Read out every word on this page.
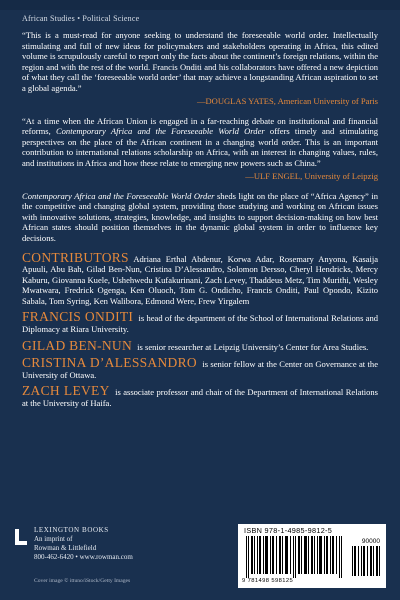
African Studies • Political Science

“This is a must-read for anyone seeking to understand the foreseeable world order. Intellectually stimulating and full of new ideas for policymakers and stakeholders operating in Africa, this edited volume is scrupulously careful to report only the facts about the continent’s foreign relations, within the region and with the rest of the world. Francis Onditi and his collaborators have offered a new depiction of what they call the ‘foreseeable world order’ that may achieve a longstanding African aspiration to set a global agenda.”

—DOUGLAS YATES, American University of Paris

“At a time when the African Union is engaged in a far-reaching debate on institutional and financial reforms, Contemporary Africa and the Foreseeable World Order offers timely and stimulating perspectives on the place of the African continent in a changing world order. This is an important contribution to international relations scholarship on Africa, with an interest in changing values, rules, and institutions in Africa and how these relate to emerging new powers such as China.”

—ULF ENGEL, University of Leipzig

Contemporary Africa and the Foreseeable World Order sheds light on the place of “Africa Agency” in the competitive and changing global system, providing those studying and working on African issues with innovative solutions, strategies, knowledge, and insights to support decision-making on how best African states should position themselves in the dynamic global system in order to influence key decisions.

CONTRIBUTORS Adriana Erthal Abdenur, Korwa Adar, Rosemary Anyona, Kasaija Apuuli, Abu Bah, Gilad Ben-Nun, Cristina D’Alessandro, Solomon Dersso, Cheryl Hendricks, Mercy Kaburu, Giovanna Kuele, Ushehwedu Kufakurinani, Zach Levey, Thaddeus Metz, Tim Murithi, Wesley Mwatwara, Fredrick Ogenga, Ken Oluoch, Tom G. Ondicho, Francis Onditi, Paul Opondo, Kizito Sabala, Tom Syring, Ken Walibora, Edmond Were, Frew Yirgalem

FRANCIS ONDITI is head of the department of the School of International Relations and Diplomacy at Riara University.

GILAD BEN-NUN is senior researcher at Leipzig University’s Center for Area Studies.

CRISTINA D’ALESSANDRO is senior fellow at the Center on Governance at the University of Ottawa.

ZACH LEVEY is associate professor and chair of the Department of International Relations at the University of Haifa.

LEXINGTON BOOKS
An imprint of
Rowman & Littlefield
800-462-6420 • www.rowman.com
Cover image © ittuno/iStock/Getty Images
ISBN 978-1-4985-9812-5
90000
9 781498 598125
